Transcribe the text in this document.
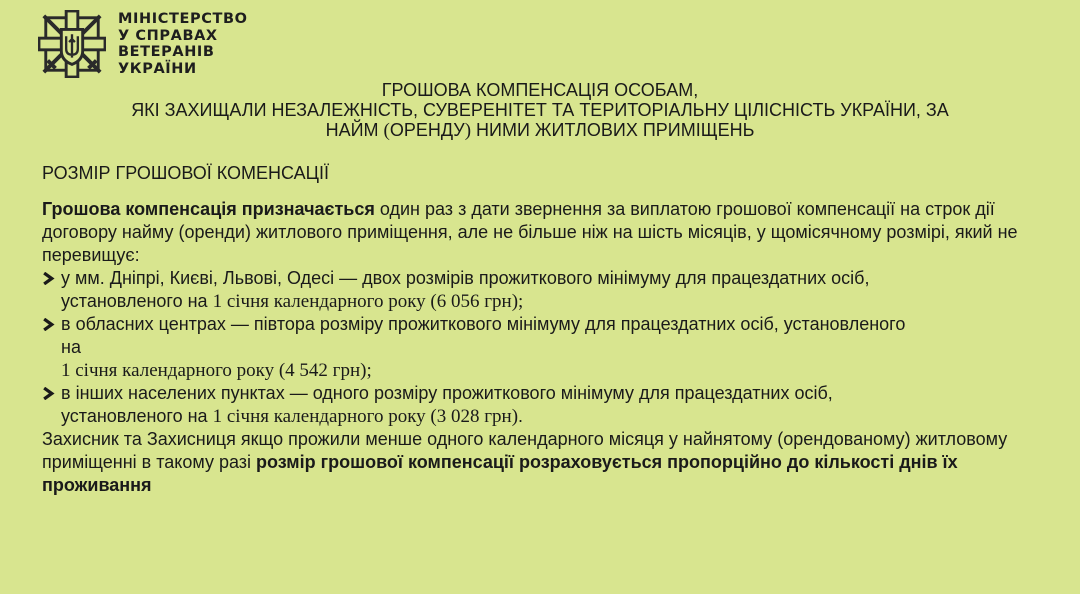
МІНІСТЕРСТВО
У СПРАВАХ
ВЕТЕРАНІВ
УКРАЇНИ
ГРОШОВА КОМПЕНСАЦІЯ ОСОБАМ,
ЯКІ ЗАХИЩАЛИ НЕЗАЛЕЖНІСТЬ, СУВЕРЕНІТЕТ ТА ТЕРИТОРІАЛЬНУ ЦІЛІСНІСТЬ УКРАЇНИ, ЗА
НАЙМ (ОРЕНДУ) НИМИ ЖИТЛОВИХ ПРИМІЩЕНЬ
РОЗМІР ГРОШОВОЇ КОМЕНСАЦІЇ

Грошова компенсація призначається один раз з дати звернення за виплатою грошової компенсації на строк дії договору найму (оренди) житлового приміщення, але не більше ніж на шість місяців, у щомісячному розмірі, який не перевищує:

у мм. Дніпрі, Києві, Львові, Одесі — двох розмірів прожиткового мінімуму для працездатних осіб,
установленого на 1 січня календарного року (6 056 грн);
в обласних центрах — півтора розміру прожиткового мінімуму для працездатних осіб, установленого
на
1 січня календарного року (4 542 грн);
в інших населених пунктах — одного розміру прожиткового мінімуму для працездатних осіб,
установленого на 1 січня календарного року (3 028 грн).

Захисник та Захисниця якщо прожили менше одного календарного місяця у найнятому (орендованому) житловому приміщенні в такому разі розмір грошової компенсації розраховується пропорційно до кількості днів їх проживання
